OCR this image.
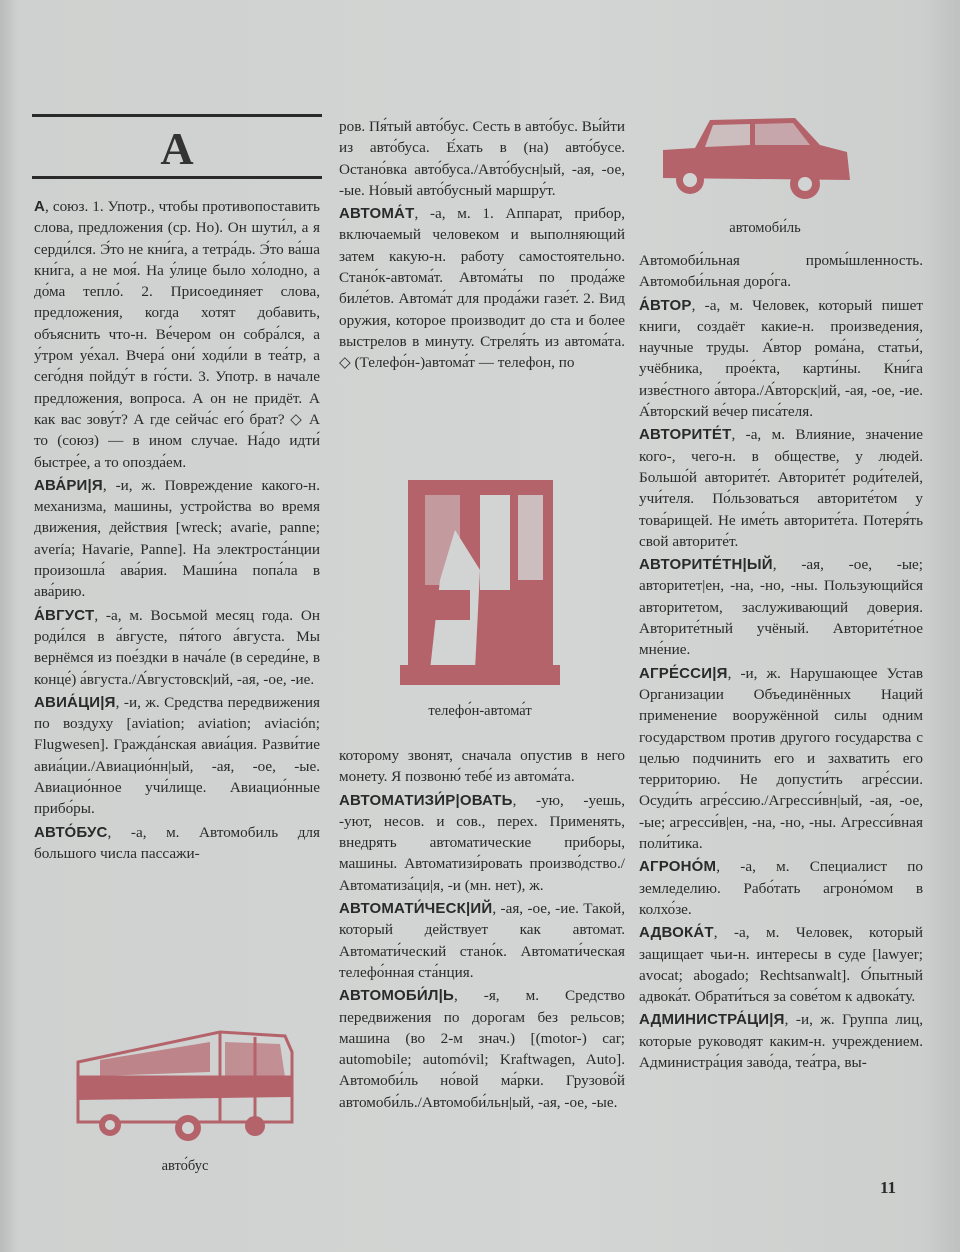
А

А, союз. 1. Употр., чтобы противопоставить слова, предложения (ср. Но). Он шути́л, а я серди́лся. Э́то не кни́га, а тетра́дь. Э́то ва́ша кни́га, а не моя́. На у́лице было хо́лодно, а до́ма тепло́. 2. Присоединяет слова, предложения, когда хотят добавить, объяснить что-н. Ве́чером он собра́лся, а у́тром уе́хал. Вчера́ они́ ходи́ли в теа́тр, а сего́дня пойду́т в го́сти. 3. Употр. в начале предложения, вопроса. А он не придёт. А как вас зову́т? А где сейча́с его́ брат? ◇ А то (союз) — в ином случае. На́до идти́ быстре́е, а то опозда́ем.

АВА́РИ|Я, -и, ж. Повреждение какого-н. механизма, машины, устройства во время движения, действия [wreck; avarie, panne; avería; Havarie, Panne]. На электроста́нции произошла́ ава́рия. Маши́на попа́ла в ава́рию.

А́ВГУСТ, -а, м. Восьмой месяц года. Он роди́лся в а́вгусте, пя́того а́вгуста. Мы вернёмся из пое́здки в нача́ле (в середи́не, в конце́) а́вгуста./А́вгустовск|ий, -ая, -ое, -ие.

АВИА́ЦИ|Я, -и, ж. Средства передвижения по воздуху [aviation; aviation; aviación; Flugwesen]. Гражда́нская авиа́ция. Разви́тие авиа́ции./Авиацио́нн|ый, -ая, -ое, -ые. Авиацио́нное учи́лище. Авиацио́нные прибо́ры.

АВТО́БУС, -а, м. Автомобиль для большого числа пассажи-

авто́бус

ров. Пя́тый авто́бус. Сесть в авто́бус. Вы́йти из авто́буса. Е́хать в (на) авто́бусе. Остано́вка авто́буса./Авто́бусн|ый, -ая, -ое, -ые. Но́вый авто́бусный маршру́т.

АВТОМА́Т, -а, м. 1. Аппарат, прибор, включаемый человеком и выполняющий затем какую-н. работу самостоятельно. Стано́к-автома́т. Автома́ты по прода́же биле́тов. Автома́т для прода́жи газе́т. 2. Вид оружия, которое производит до ста и более выстрелов в минуту. Стреля́ть из автома́та. ◇ (Телефо́н-)автома́т — телефон, по

телефо́н-автома́т

которому звонят, сначала опустив в него монету. Я позвоню́ тебе́ из автома́та.

АВТОМАТИЗИ́Р|ОВАТЬ, -ую, -уешь, -уют, несов. и сов., перех. Применять, внедрять автоматические приборы, машины. Автоматизи́ровать произво́дство./Автоматиза́ци|я, -и (мн. нет), ж.

АВТОМАТИ́ЧЕСК|ИЙ, -ая, -ое, -ие. Такой, который действует как автомат. Автомати́ческий стано́к. Автомати́ческая телефо́нная ста́нция.

АВТОМОБИ́Л|Ь, -я, м. Средство передвижения по дорогам без рельсов; машина (во 2-м знач.) [(motor-) car; automobile; automóvil; Kraftwagen, Auto]. Автомоби́ль но́вой ма́рки. Грузово́й автомоби́ль./Автомоби́льн|ый, -ая, -ое, -ые.

автомоби́ль

Автомоби́льная промы́шленность. Автомоби́льная доро́га.

А́ВТОР, -а, м. Человек, который пишет книги, создаёт какие-н. произведения, научные труды. А́втор рома́на, статьи́, учёбника, прое́кта, карти́ны. Кни́га изве́стного а́втора./А́вторск|ий, -ая, -ое, -ие. А́вторский ве́чер писа́теля.

АВТОРИТЕ́Т, -а, м. Влияние, значение кого-, чего-н. в обществе, у людей. Большо́й авторите́т. Авторите́т роди́телей, учи́теля. По́льзоваться авторите́том у това́рищей. Не име́ть авторите́та. Потеря́ть свой авторите́т.

АВТОРИТЕ́ТН|ЫЙ, -ая, -ое, -ые; авторитет|ен, -на, -но, -ны. Пользующийся авторитетом, заслуживающий доверия. Авторите́тный учёный. Авторите́тное мне́ние.

АГРЕ́ССИ|Я, -и, ж. Нарушающее Устав Организации Объединённых Наций применение вооружённой силы одним государством против другого государства с целью подчинить его и захватить его территорию. Не допусти́ть агре́ссии. Осуди́ть агре́ссию./Агресси́вн|ый, -ая, -ое, -ые; агресси́в|ен, -на, -но, -ны. Агресси́вная поли́тика.

АГРОНО́М, -а, м. Специалист по земледелию. Рабо́тать агроно́мом в колхо́зе.

АДВОКА́Т, -а, м. Человек, который защищает чьи-н. интересы в суде [lawyer; avocat; abogado; Rechtsanwalt]. О́пытный адвока́т. Обрати́ться за сове́том к адвока́ту.

АДМИНИСТРА́ЦИ|Я, -и, ж. Группа лиц, которые руководят каким-н. учреждением. Администра́ция заво́да, теа́тра, вы-

11
